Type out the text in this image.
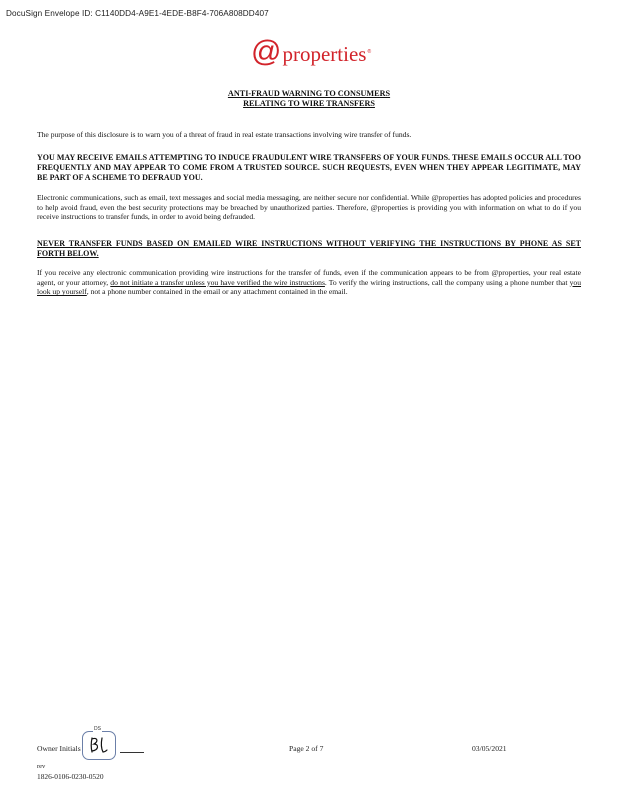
DocuSign Envelope ID: C1140DD4-A9E1-4EDE-B8F4-706A808DD407
@ properties ®
ANTI-FRAUD WARNING TO CONSUMERS
RELATING TO WIRE TRANSFERS
The purpose of this disclosure is to warn you of a threat of fraud in real estate transactions involving wire transfer of funds.
YOU MAY RECEIVE EMAILS ATTEMPTING TO INDUCE FRAUDULENT WIRE TRANSFERS OF YOUR FUNDS. THESE EMAILS OCCUR ALL TOO FREQUENTLY AND MAY APPEAR TO COME FROM A TRUSTED SOURCE. SUCH REQUESTS, EVEN WHEN THEY APPEAR LEGITIMATE, MAY BE PART OF A SCHEME TO DEFRAUD YOU.
Electronic communications, such as email, text messages and social media messaging, are neither secure nor confidential. While @properties has adopted policies and procedures to help avoid fraud, even the best security protections may be breached by unauthorized parties. Therefore, @properties is providing you with information on what to do if you receive instructions to transfer funds, in order to avoid being defrauded.
NEVER TRANSFER FUNDS BASED ON EMAILED WIRE INSTRUCTIONS WITHOUT VERIFYING THE INSTRUCTIONS BY PHONE AS SET FORTH BELOW.
If you receive any electronic communication providing wire instructions for the transfer of funds, even if the communication appears to be from @properties, your real estate agent, or your attorney, do not initiate a transfer unless you have verified the wire instructions. To verify the wiring instructions, call the company using a phone number that you look up yourself, not a phone number contained in the email or any attachment contained in the email.
Owner Initials
DS
Page 2 of 7	03/05/2021
rev
1826-0106-0230-0520
